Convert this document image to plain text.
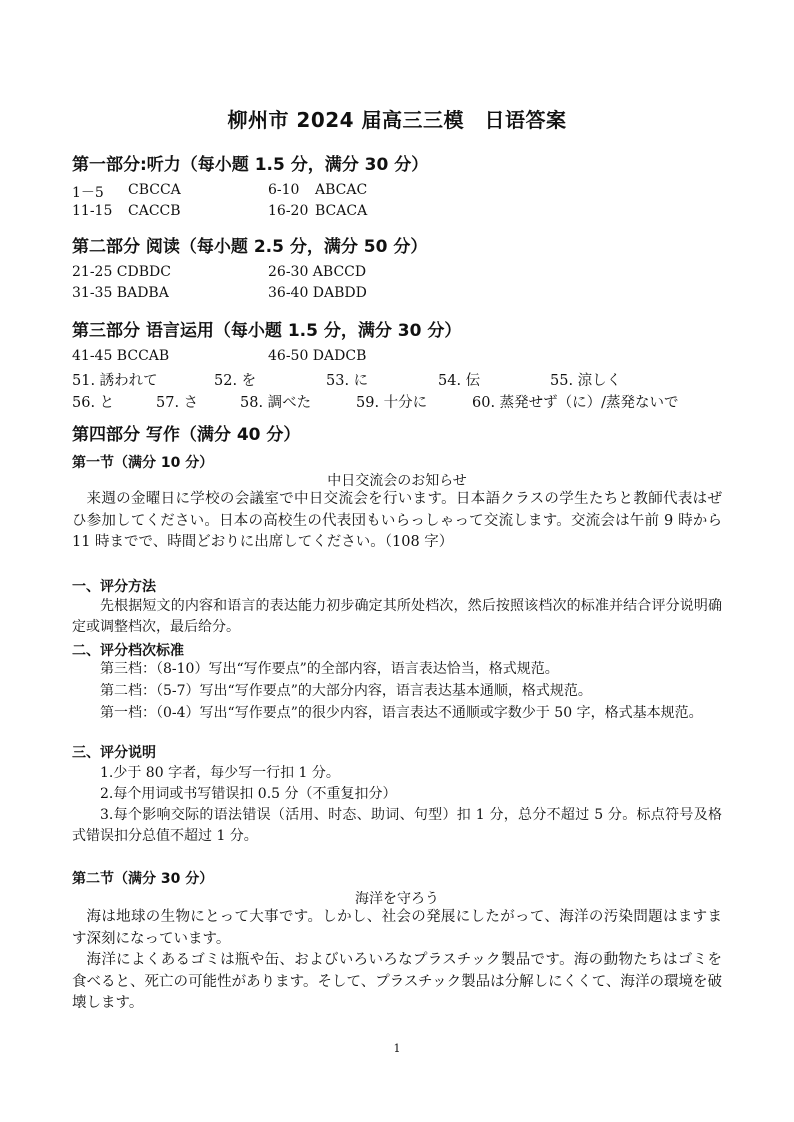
柳州市 2024 届高三三模　日语答案
第一部分:听力（每小题 1.5 分，满分 30 分）
1－5 CBCCA	6-10 ABCAC
11-15 CACCB	16-20 BCACA
第二部分 阅读（每小题 2.5 分，满分 50 分）
21-25 CDBDC	26-30 ABCCD
31-35 BADBA	36-40 DABDD
第三部分 语言运用（每小题 1.5 分，满分 30 分）
41-45 BCCAB	46-50 DADCB
51. 誘われて	52. を	53. に	54. 伝	55. 涼しく
56. と	57. さ	58. 調べた	59. 十分に	60. 蒸発せず（に）/蒸発ないで
第四部分 写作（满分 40 分）
第一节（满分 10 分）
中日交流会のお知らせ
来週の金曜日に学校の会議室で中日交流会を行います。日本語クラスの学生たちと教師代表はぜひ参加してください。日本の高校生の代表団もいらっしゃって交流します。交流会は午前 9 時から 11 時までで、時間どおりに出席してください。（108 字）
一、评分方法
先根据短文的内容和语言的表达能力初步确定其所处档次，然后按照该档次的标准并结合评分说明确定或调整档次，最后给分。
二、评分档次标准
第三档：（8-10）写出“写作要点”的全部内容，语言表达恰当，格式规范。
第二档：（5-7）写出“写作要点”的大部分内容，语言表达基本通顺，格式规范。
第一档：（0-4）写出“写作要点”的很少内容，语言表达不通顺或字数少于 50 字，格式基本规范。
三、评分说明
1.少于 80 字者，每少写一行扣 1 分。
2.每个用词或书写错误扣 0.5 分（不重复扣分）
3.每个影响交际的语法错误（活用、时态、助词、句型）扣 1 分，总分不超过 5 分。标点符号及格式错误扣分总值不超过 1 分。
第二节（满分 30 分）
海洋を守ろう
海は地球の生物にとって大事です。しかし、社会の発展にしたがって、海洋の汚染問題はますます深刻になっています。
海洋によくあるゴミは瓶や缶、およびいろいろなプラスチック製品です。海の動物たちはゴミを食べると、死亡の可能性があります。そして、プラスチック製品は分解しにくくて、海洋の環境を破壊します。
1
